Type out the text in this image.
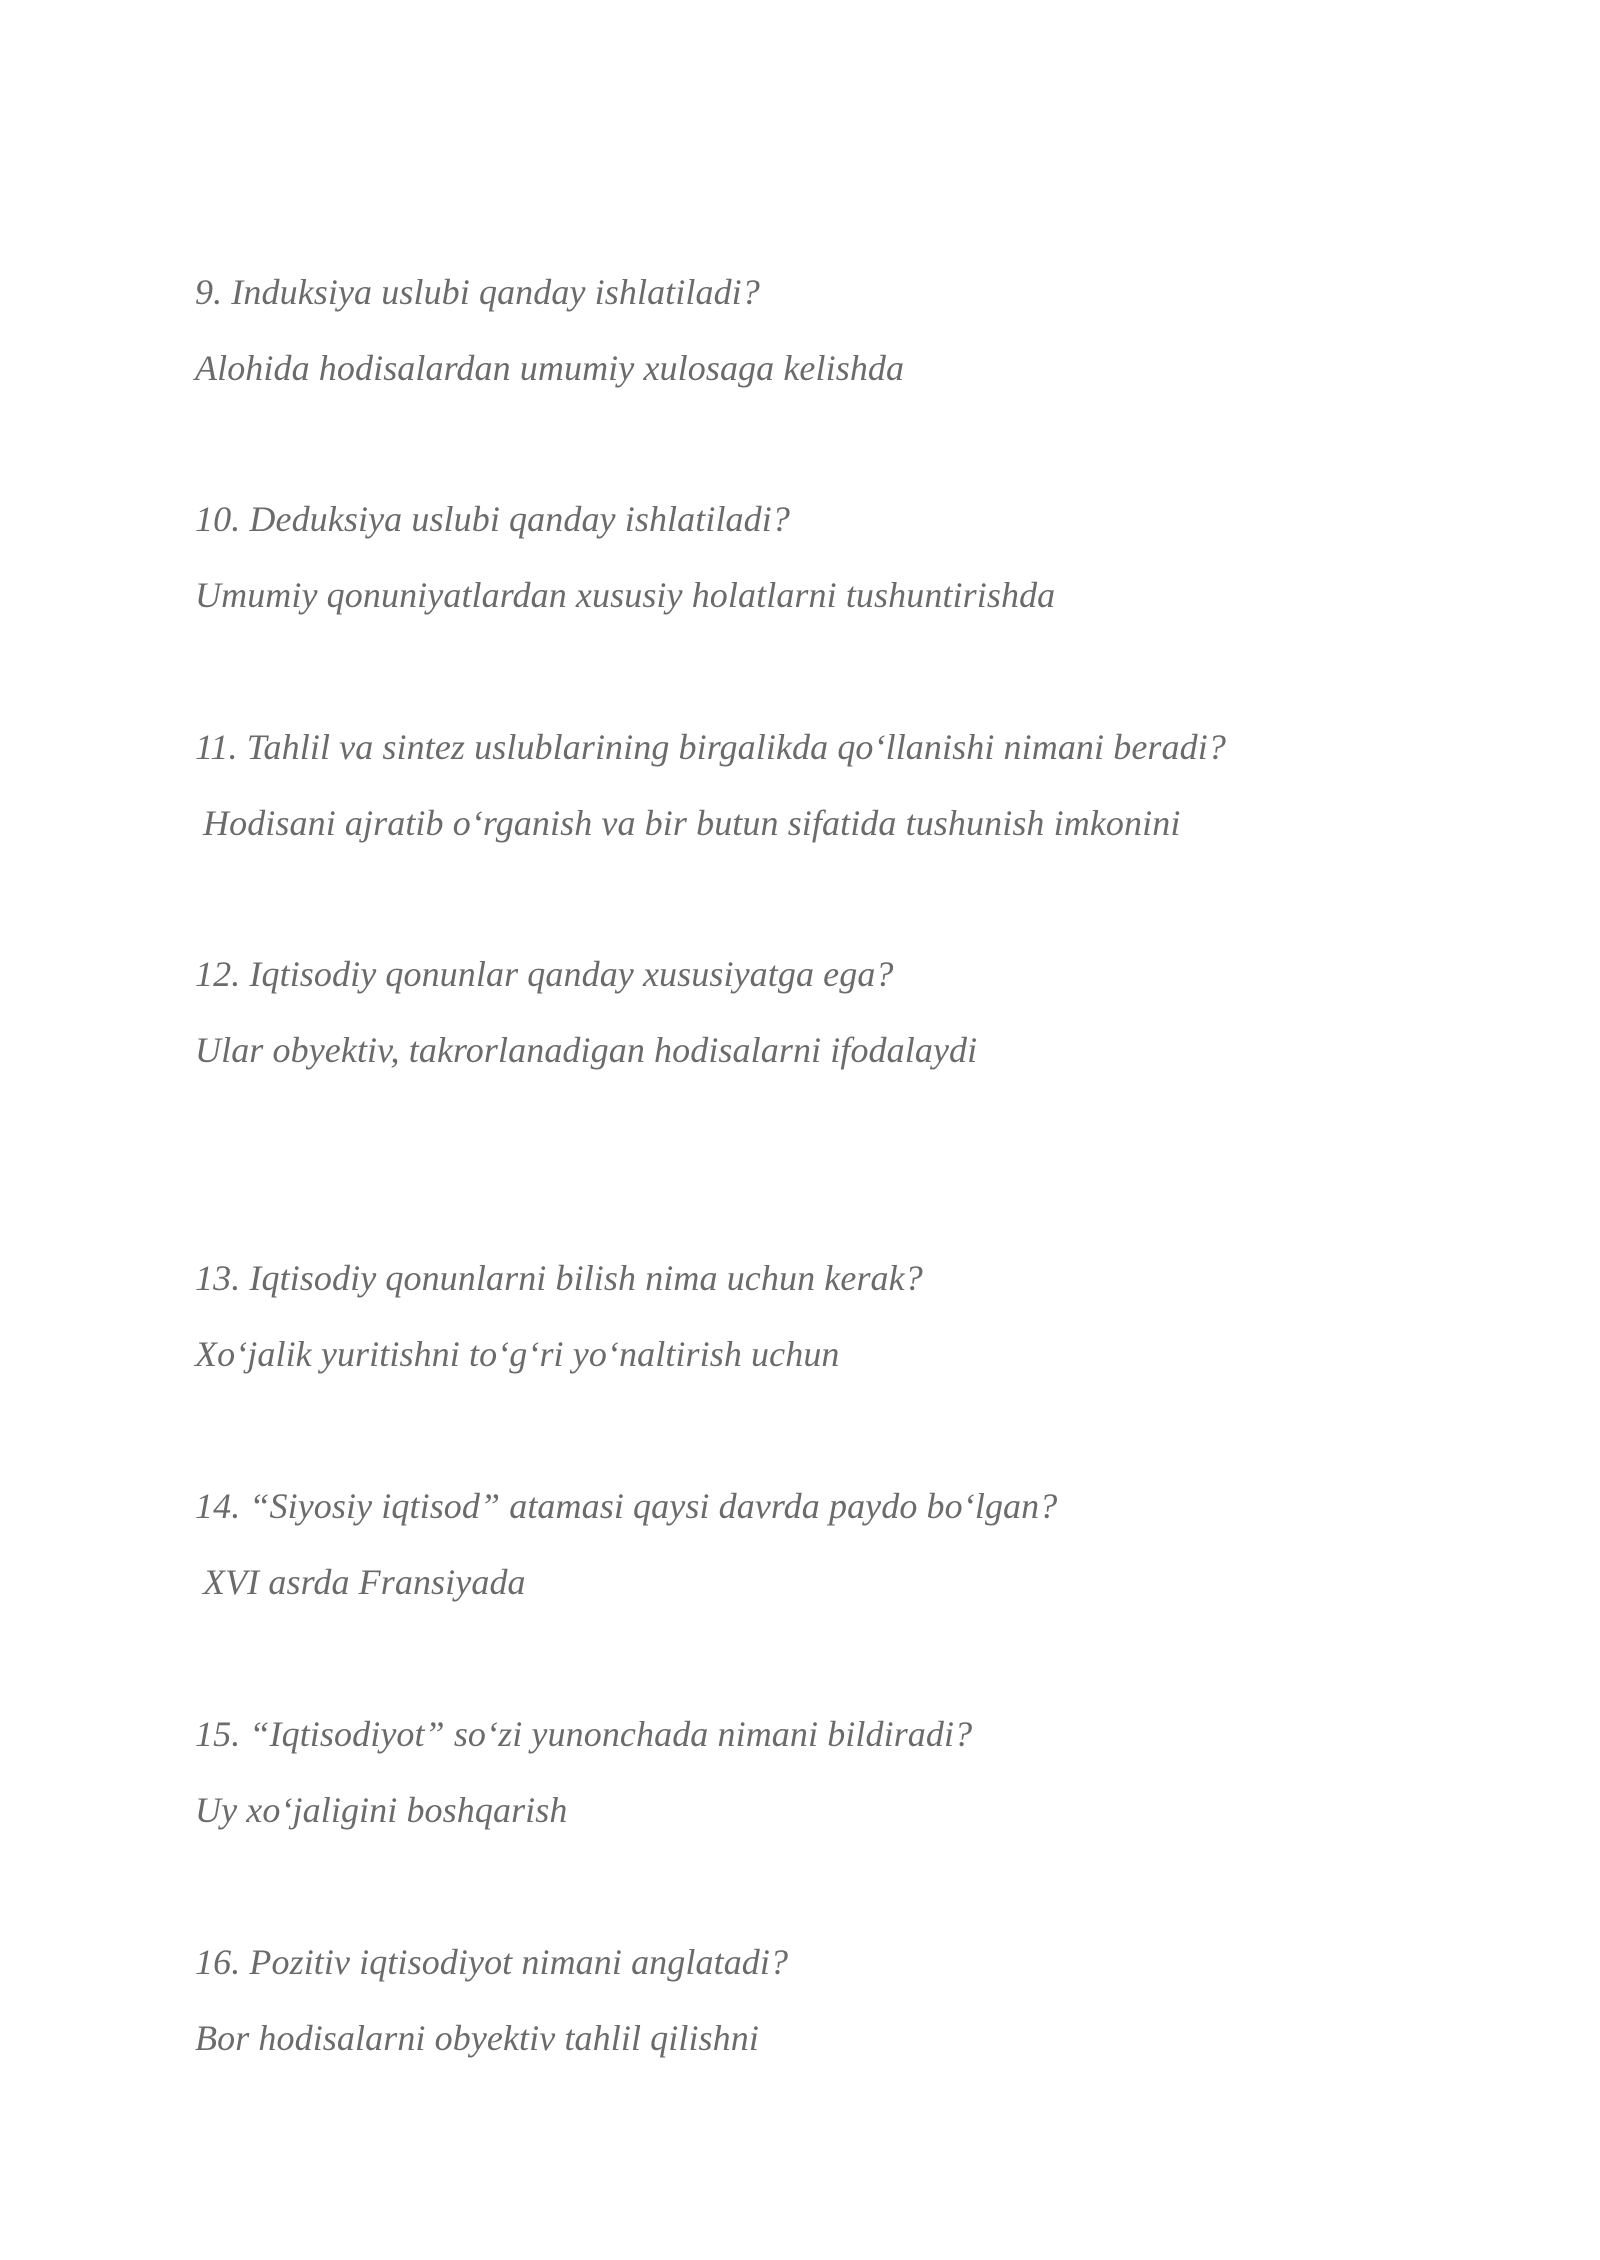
9. Induksiya uslubi qanday ishlatiladi?
Alohida hodisalardan umumiy xulosaga kelishda
10. Deduksiya uslubi qanday ishlatiladi?
Umumiy qonuniyatlardan xususiy holatlarni tushuntirishda
11. Tahlil va sintez uslublarining birgalikda qo‘llanishi nimani beradi?
Hodisani ajratib o‘rganish va bir butun sifatida tushunish imkonini
12. Iqtisodiy qonunlar qanday xususiyatga ega?
Ular obyektiv, takrorlanadigan hodisalarni ifodalaydi
13. Iqtisodiy qonunlarni bilish nima uchun kerak?
Xo‘jalik yuritishni to‘g‘ri yo‘naltirish uchun
14. “Siyosiy iqtisod” atamasi qaysi davrda paydo bo‘lgan?
XVI asrda Fransiyada
15. “Iqtisodiyot” so‘zi yunonchada nimani bildiradi?
Uy xo‘jaligini boshqarish
16. Pozitiv iqtisodiyot nimani anglatadi?
Bor hodisalarni obyektiv tahlil qilishni
